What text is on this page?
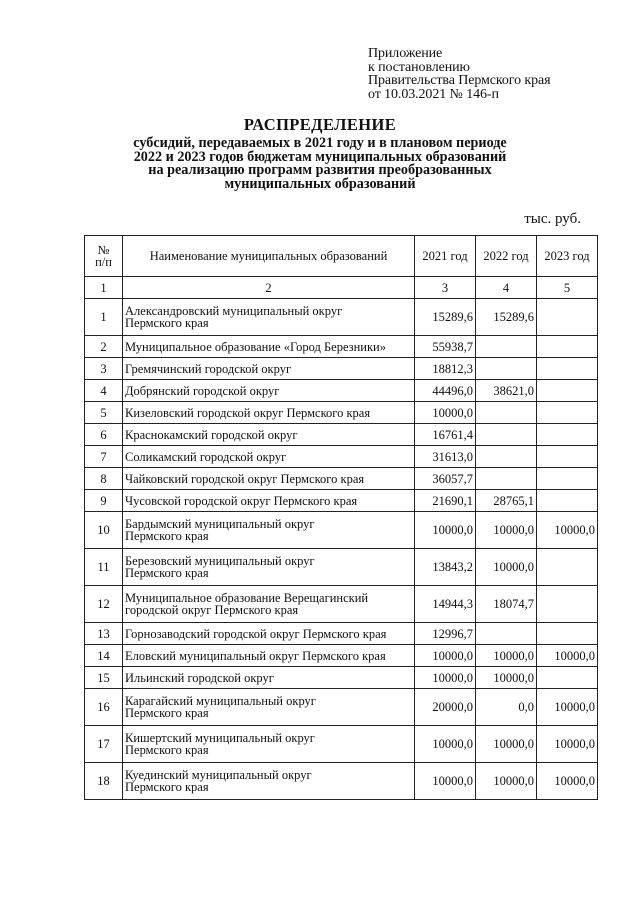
Приложение
к постановлению
Правительства Пермского края
от 10.03.2021 № 146-п
РАСПРЕДЕЛЕНИЕ
субсидий, передаваемых в 2021 году и в плановом периоде
2022 и 2023 годов бюджетам муниципальных образований
на реализацию программ развития преобразованных
муниципальных образований
тыс. руб.
№
п/п	Наименование муниципальных образований	2021 год	2022 год	2023 год
1	2	3	4	5
1	Александровский муниципальный округ
Пермского края	15289,6	15289,6	
2	Муниципальное образование «Город Березники»	55938,7		
3	Гремячинский городской округ	18812,3		
4	Добрянский городской округ	44496,0	38621,0	
5	Кизеловский городской округ Пермского края	10000,0		
6	Краснокамский городской округ	16761,4		
7	Соликамский городской округ	31613,0		
8	Чайковский городской округ Пермского края	36057,7		
9	Чусовской городской округ Пермского края	21690,1	28765,1	
10	Бардымский муниципальный округ
Пермского края	10000,0	10000,0	10000,0
11	Березовский муниципальный округ
Пермского края	13843,2	10000,0	
12	Муниципальное образование Верещагинский
городской округ Пермского края	14944,3	18074,7	
13	Горнозаводский городской округ Пермского края	12996,7		
14	Еловский муниципальный округ Пермского края	10000,0	10000,0	10000,0
15	Ильинский городской округ	10000,0	10000,0	
16	Карагайский муниципальный округ
Пермского края	20000,0	0,0	10000,0
17	Кишертский муниципальный округ
Пермского края	10000,0	10000,0	10000,0
18	Куединский муниципальный округ
Пермского края	10000,0	10000,0	10000,0
